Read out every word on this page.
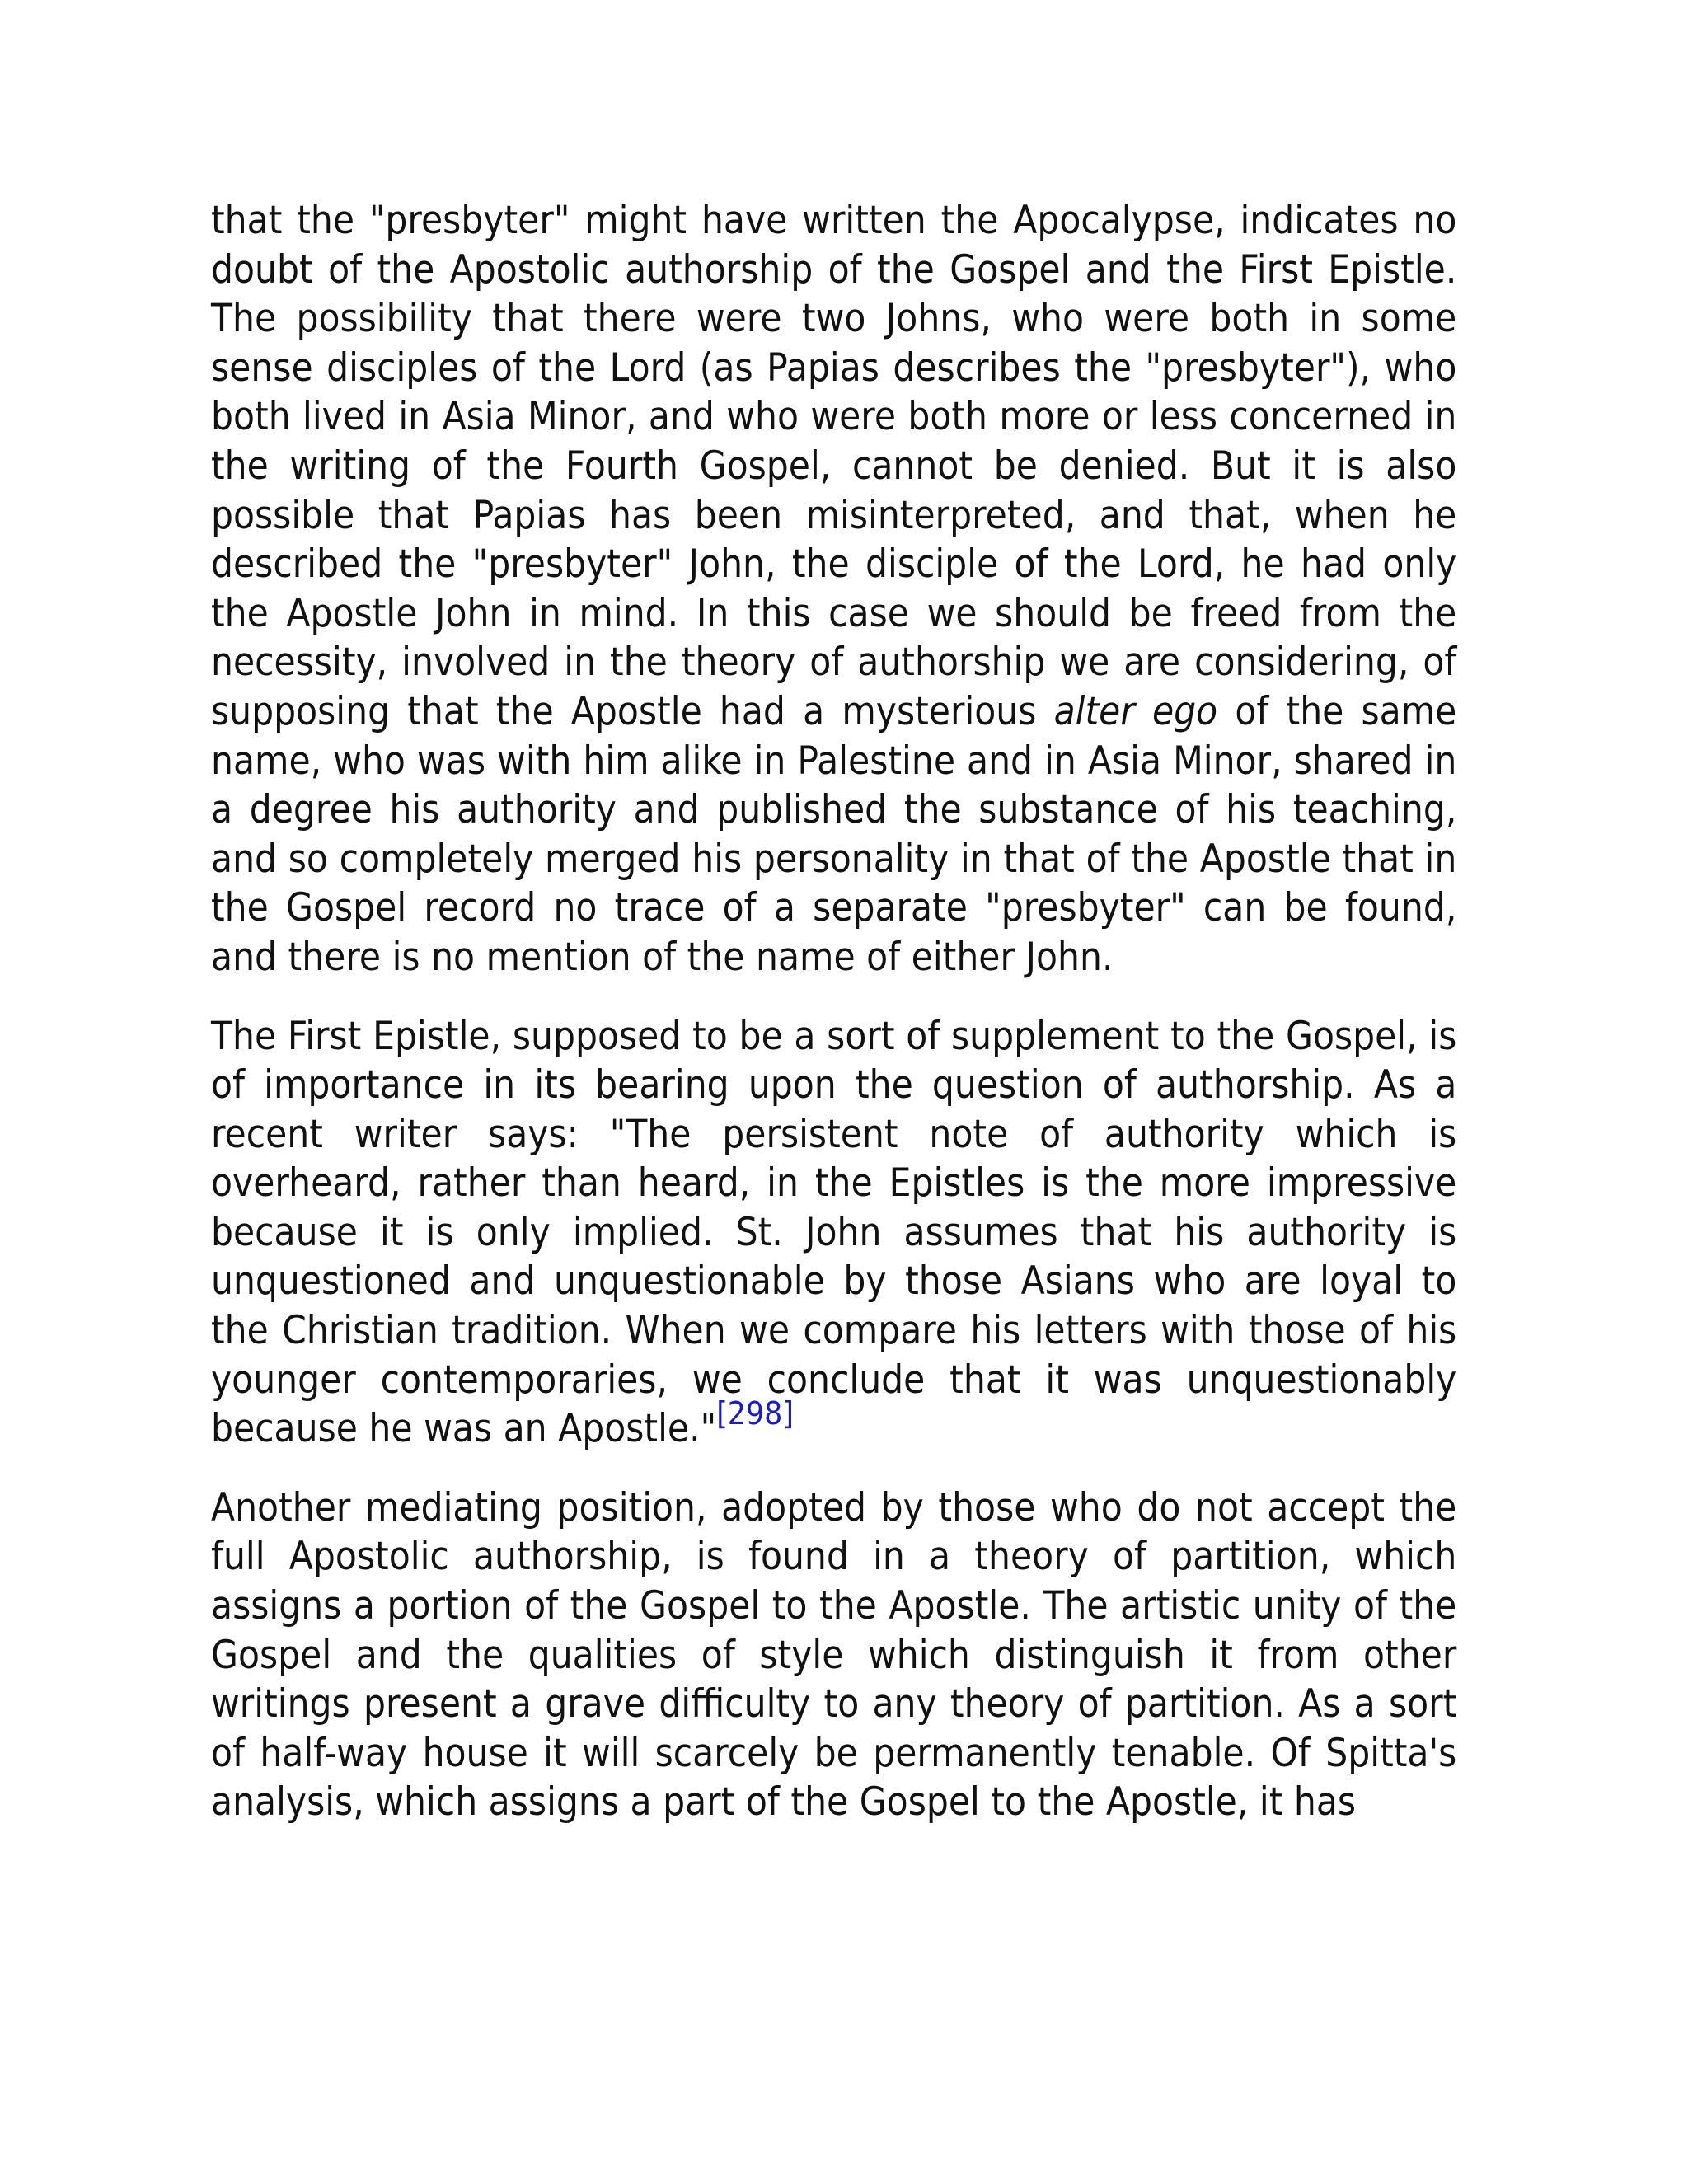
that the "presbyter" might have written the Apocalypse, indicates no doubt of the Apostolic authorship of the Gospel and the First Epistle. The possibility that there were two Johns, who were both in some sense disciples of the Lord (as Papias describes the "presbyter"), who both lived in Asia Minor, and who were both more or less concerned in the writing of the Fourth Gospel, cannot be denied. But it is also possible that Papias has been misinterpreted, and that, when he described the "presbyter" John, the disciple of the Lord, he had only the Apostle John in mind. In this case we should be freed from the necessity, involved in the theory of authorship we are considering, of supposing that the Apostle had a mysterious alter ego of the same name, who was with him alike in Palestine and in Asia Minor, shared in a degree his authority and published the substance of his teaching, and so completely merged his personality in that of the Apostle that in the Gospel record no trace of a separate "presbyter" can be found, and there is no mention of the name of either John.

The First Epistle, supposed to be a sort of supplement to the Gospel, is of importance in its bearing upon the question of authorship. As a recent writer says: "The persistent note of authority which is overheard, rather than heard, in the Epistles is the more impressive because it is only implied. St. John assumes that his authority is unquestioned and unquestionable by those Asians who are loyal to the Christian tradition. When we compare his letters with those of his younger contemporaries, we conclude that it was unquestionably because he was an Apostle."[298]

Another mediating position, adopted by those who do not accept the full Apostolic authorship, is found in a theory of partition, which assigns a portion of the Gospel to the Apostle. The artistic unity of the Gospel and the qualities of style which distinguish it from other writings present a grave difficulty to any theory of partition. As a sort of half-way house it will scarcely be permanently tenable. Of Spitta's analysis, which assigns a part of the Gospel to the Apostle, it has
